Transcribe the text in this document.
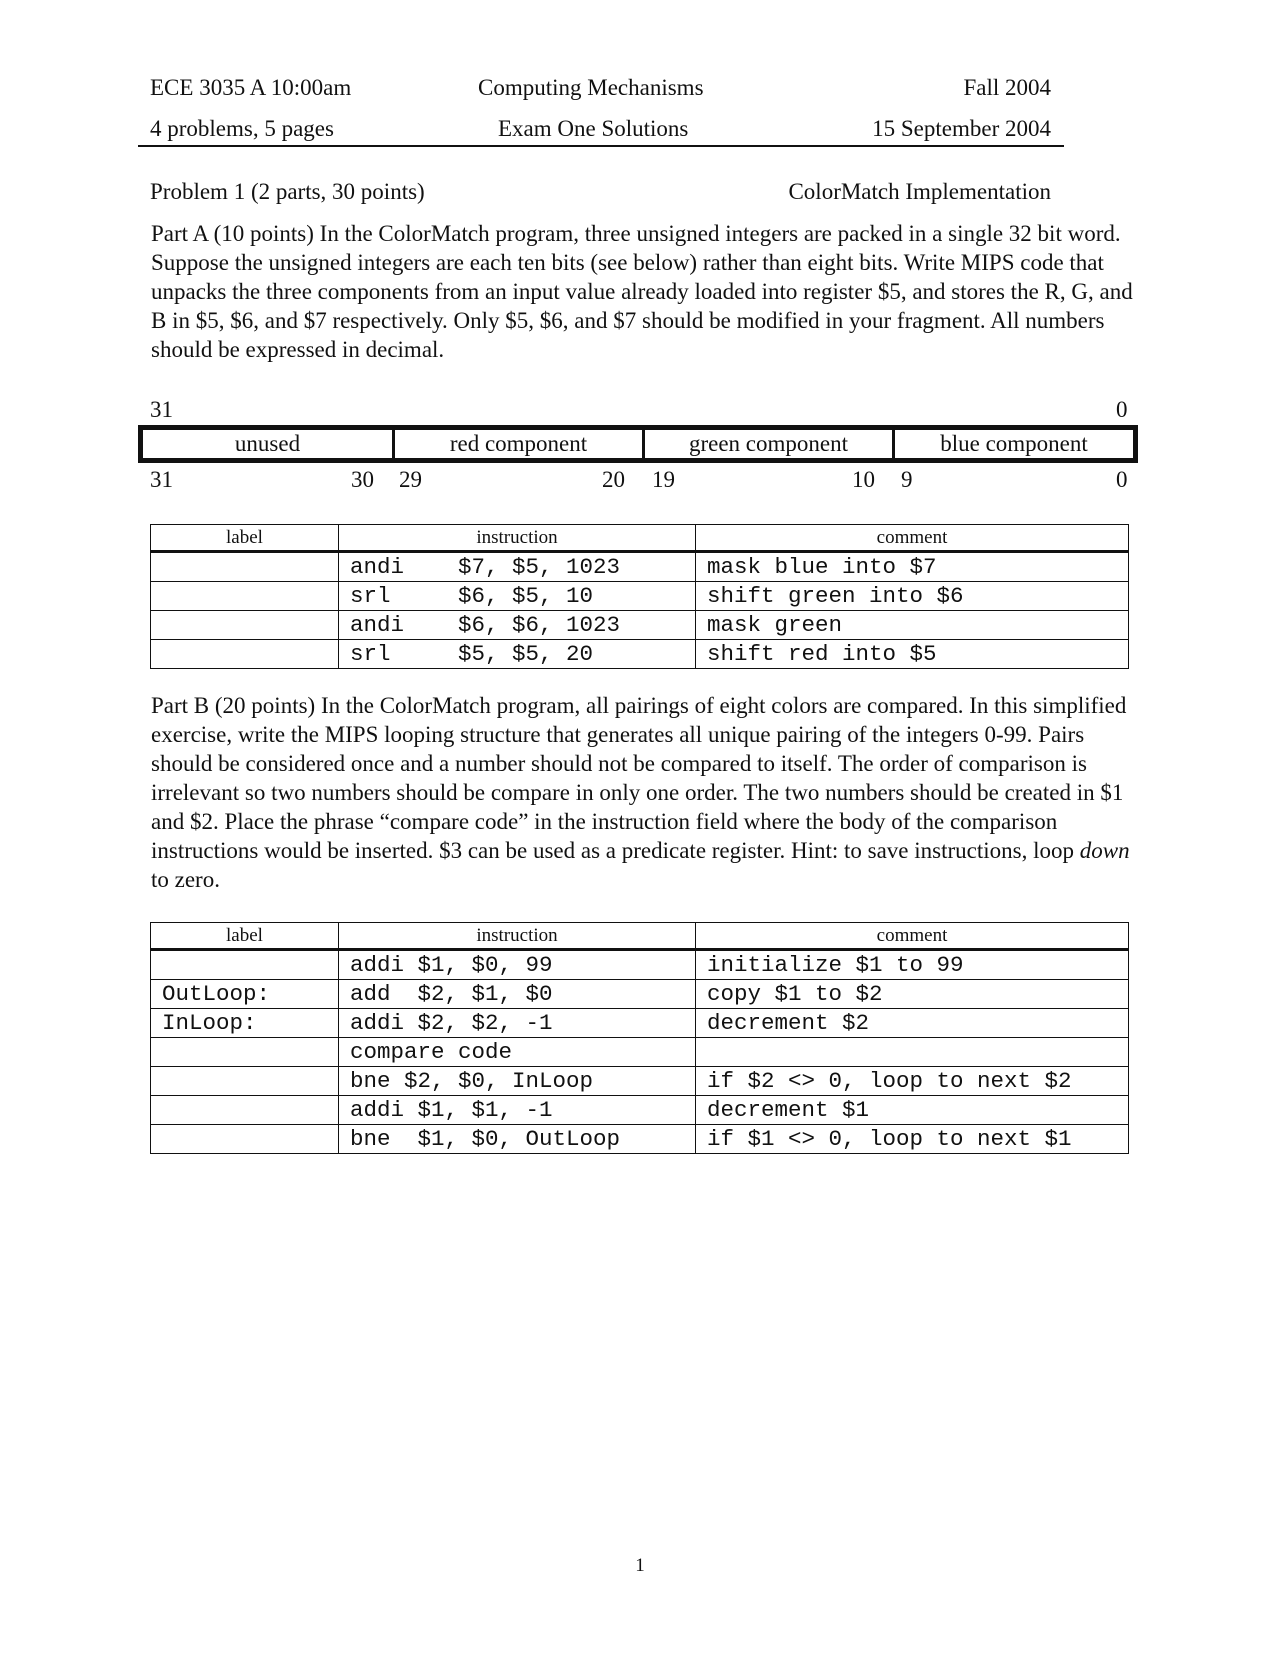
ECE 3035 A 10:00am	Computing Mechanisms	Fall 2004
4 problems, 5 pages	Exam One Solutions	15 September 2004
Problem 1 (2 parts, 30 points)	ColorMatch Implementation
Part A (10 points) In the ColorMatch program, three unsigned integers are packed in a single 32 bit word. Suppose the unsigned integers are each ten bits (see below) rather than eight bits. Write MIPS code that unpacks the three components from an input value already loaded into register $5, and stores the R, G, and B in $5, $6, and $7 respectively. Only $5, $6, and $7 should be modified in your fragment. All numbers should be expressed in decimal.
31	0
unused	red component	green component	blue component
31	30 29	20 19	10 9	0
label	instruction	comment
	andi    $7, $5, 1023	mask blue into $7
	srl     $6, $5, 10	shift green into $6
	andi    $6, $6, 1023	mask green
	srl     $5, $5, 20	shift red into $5
Part B (20 points) In the ColorMatch program, all pairings of eight colors are compared. In this simplified exercise, write the MIPS looping structure that generates all unique pairing of the integers 0-99. Pairs should be considered once and a number should not be compared to itself. The order of comparison is irrelevant so two numbers should be compare in only one order. The two numbers should be created in $1 and $2. Place the phrase “compare code” in the instruction field where the body of the comparison instructions would be inserted. $3 can be used as a predicate register. Hint: to save instructions, loop down to zero.
label	instruction	comment
	addi $1, $0, 99	initialize $1 to 99
OutLoop:	add  $2, $1, $0	copy $1 to $2
InLoop:	addi $2, $2, -1	decrement $2
	compare code	
	bne $2, $0, InLoop	if $2 <> 0, loop to next $2
	addi $1, $1, -1	decrement $1
	bne  $1, $0, OutLoop	if $1 <> 0, loop to next $1
1
